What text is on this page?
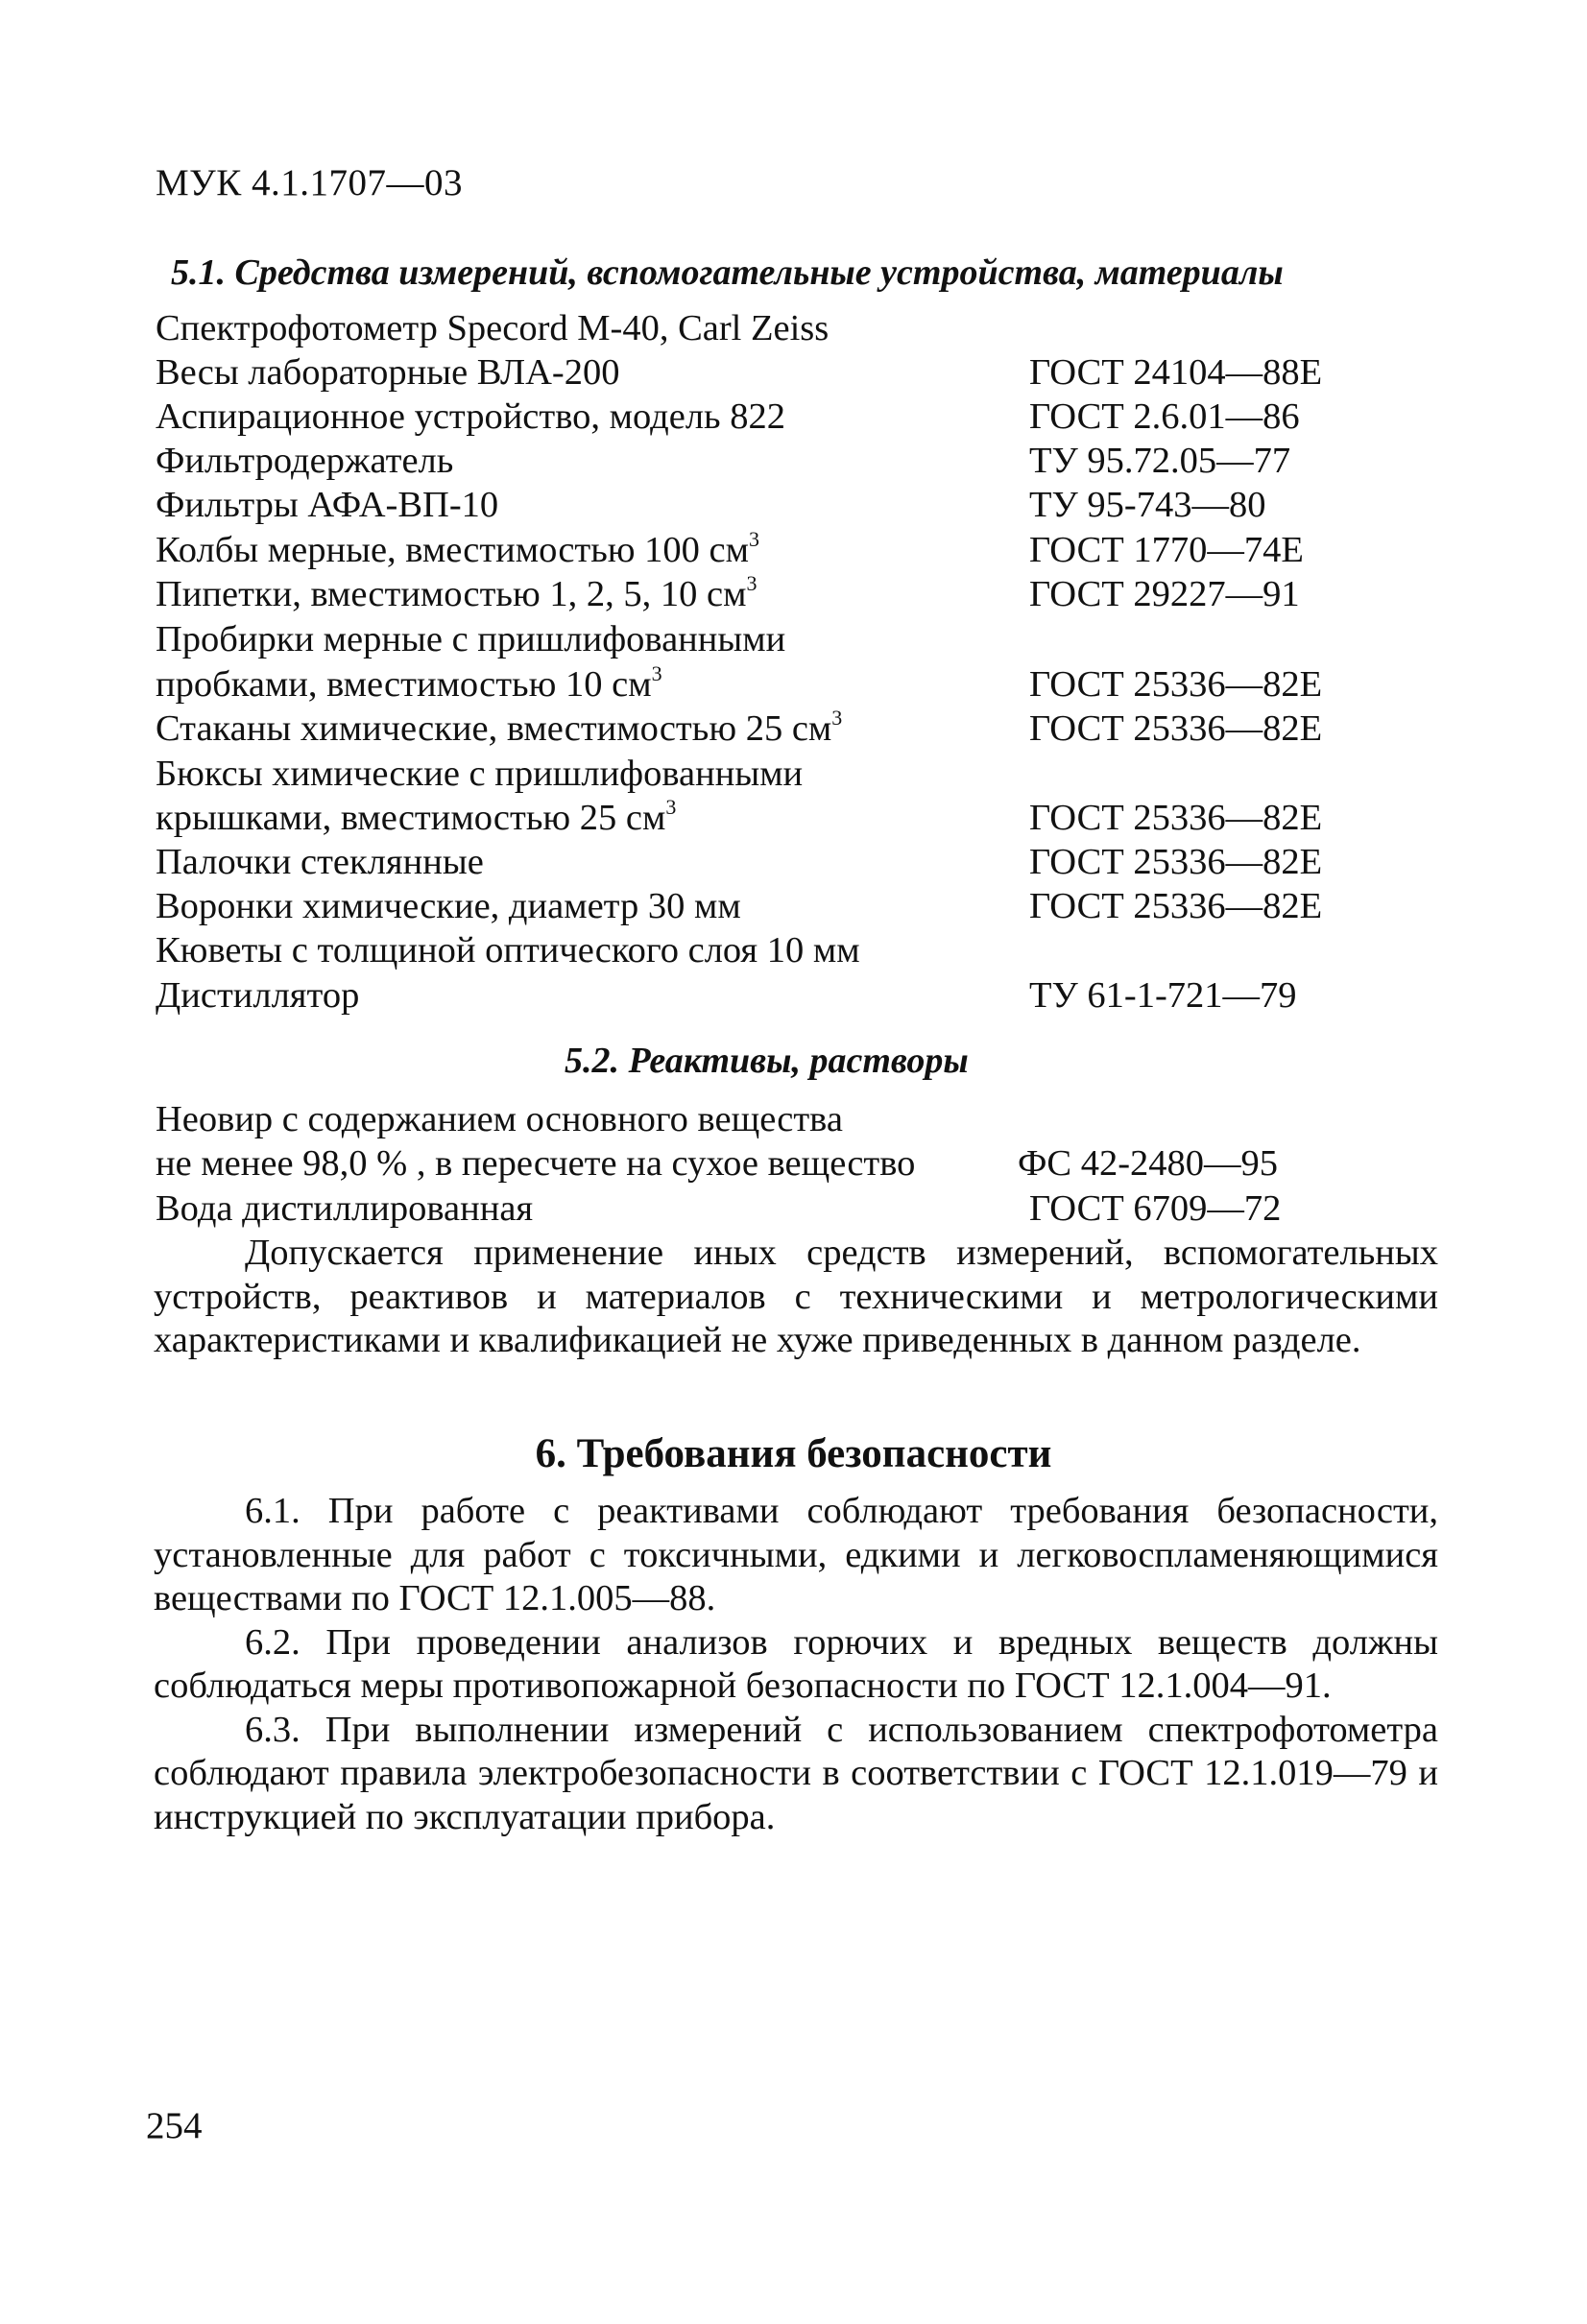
МУК 4.1.1707—03
5.1. Средства измерений, вспомогательные устройства, материалы
Спектрофотометр Specord M-40, Carl Zeiss
Весы лабораторные ВЛА-200	ГОСТ 24104—88Е
Аспирационное устройство, модель 822	ГОСТ 2.6.01—86
Фильтродержатель	ТУ 95.72.05—77
Фильтры АФА-ВП-10	ТУ 95-743—80
Колбы мерные, вместимостью 100 $см^3$	ГОСТ 1770—74Е
Пипетки, вместимостью 1, 2, 5, 10 $см^3$	ГОСТ 29227—91
Пробирки мерные с пришлифованными
пробками, вместимостью 10 $см^3$	ГОСТ 25336—82Е
Стаканы химические, вместимостью 25 $см^3$	ГОСТ 25336—82Е
Бюксы химические с пришлифованными
крышками, вместимостью 25 $см^3$	ГОСТ 25336—82Е
Палочки стеклянные	ГОСТ 25336—82Е
Воронки химические, диаметр 30 мм	ГОСТ 25336—82Е
Кюветы с толщиной оптического слоя 10 мм
Дистиллятор	ТУ 61-1-721—79
5.2. Реактивы, растворы
Неовир с содержанием основного вещества
не менее 98,0 % , в пересчете на сухое вещество	ФС 42-2480—95
Вода дистиллированная	ГОСТ 6709—72

Допускается применение иных средств измерений, вспомогательных устройств, реактивов и материалов с техническими и метрологическими характеристиками и квалификацией не хуже приведенных в данном разделе.

6. Требования безопасности

6.1. При работе с реактивами соблюдают требования безопасности, установленные для работ с токсичными, едкими и легковоспламеняющимися веществами по ГОСТ 12.1.005—88.

6.2. При проведении анализов горючих и вредных веществ должны соблюдаться меры противопожарной безопасности по ГОСТ 12.1.004—91.

6.3. При выполнении измерений с использованием спектрофотометра соблюдают правила электробезопасности в соответствии с ГОСТ 12.1.019—79 и инструкцией по эксплуатации прибора.

254
